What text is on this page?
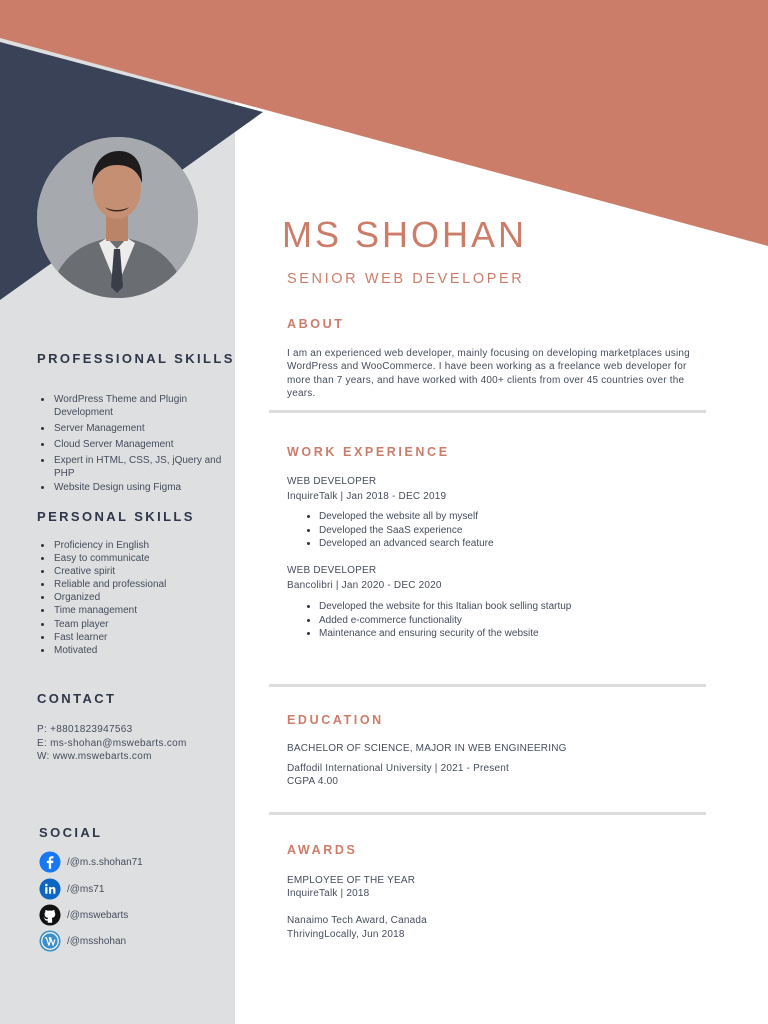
PROFESSIONAL SKILLS
WordPress Theme and Plugin Development
Server Management
Cloud Server Management
Expert in HTML, CSS, JS, jQuery and PHP
Website Design using Figma
PERSONAL SKILLS
Proficiency in English
Easy to communicate
Creative spirit
Reliable and professional
Organized
Time management
Team player
Fast learner
Motivated
CONTACT
P: +8801823947563
E: ms-shohan@mswebarts.com
W: www.mswebarts.com
SOCIAL
/@m.s.shohan71
/@ms71
/@mswebarts
/@msshohan
MS SHOHAN
SENIOR WEB DEVELOPER
ABOUT

I am an experienced web developer, mainly focusing on developing marketplaces using WordPress and WooCommerce. I have been working as a freelance web developer for more than 7 years, and have worked with 400+ clients from over 45 countries over the years.

WORK EXPERIENCE
WEB DEVELOPER
InquireTalk | Jan 2018 - DEC 2019
Developed the website all by myself
Developed the SaaS experience
Developed an advanced search feature
WEB DEVELOPER
Bancolibri | Jan 2020 - DEC 2020
Developed the website for this Italian book selling startup
Added e-commerce functionality
Maintenance and ensuring security of the website
EDUCATION
BACHELOR OF SCIENCE, MAJOR IN WEB ENGINEERING
Daffodil International University | 2021 - Present
CGPA 4.00
AWARDS
EMPLOYEE OF THE YEAR
InquireTalk | 2018
Nanaimo Tech Award, Canada
ThrivingLocally, Jun 2018
